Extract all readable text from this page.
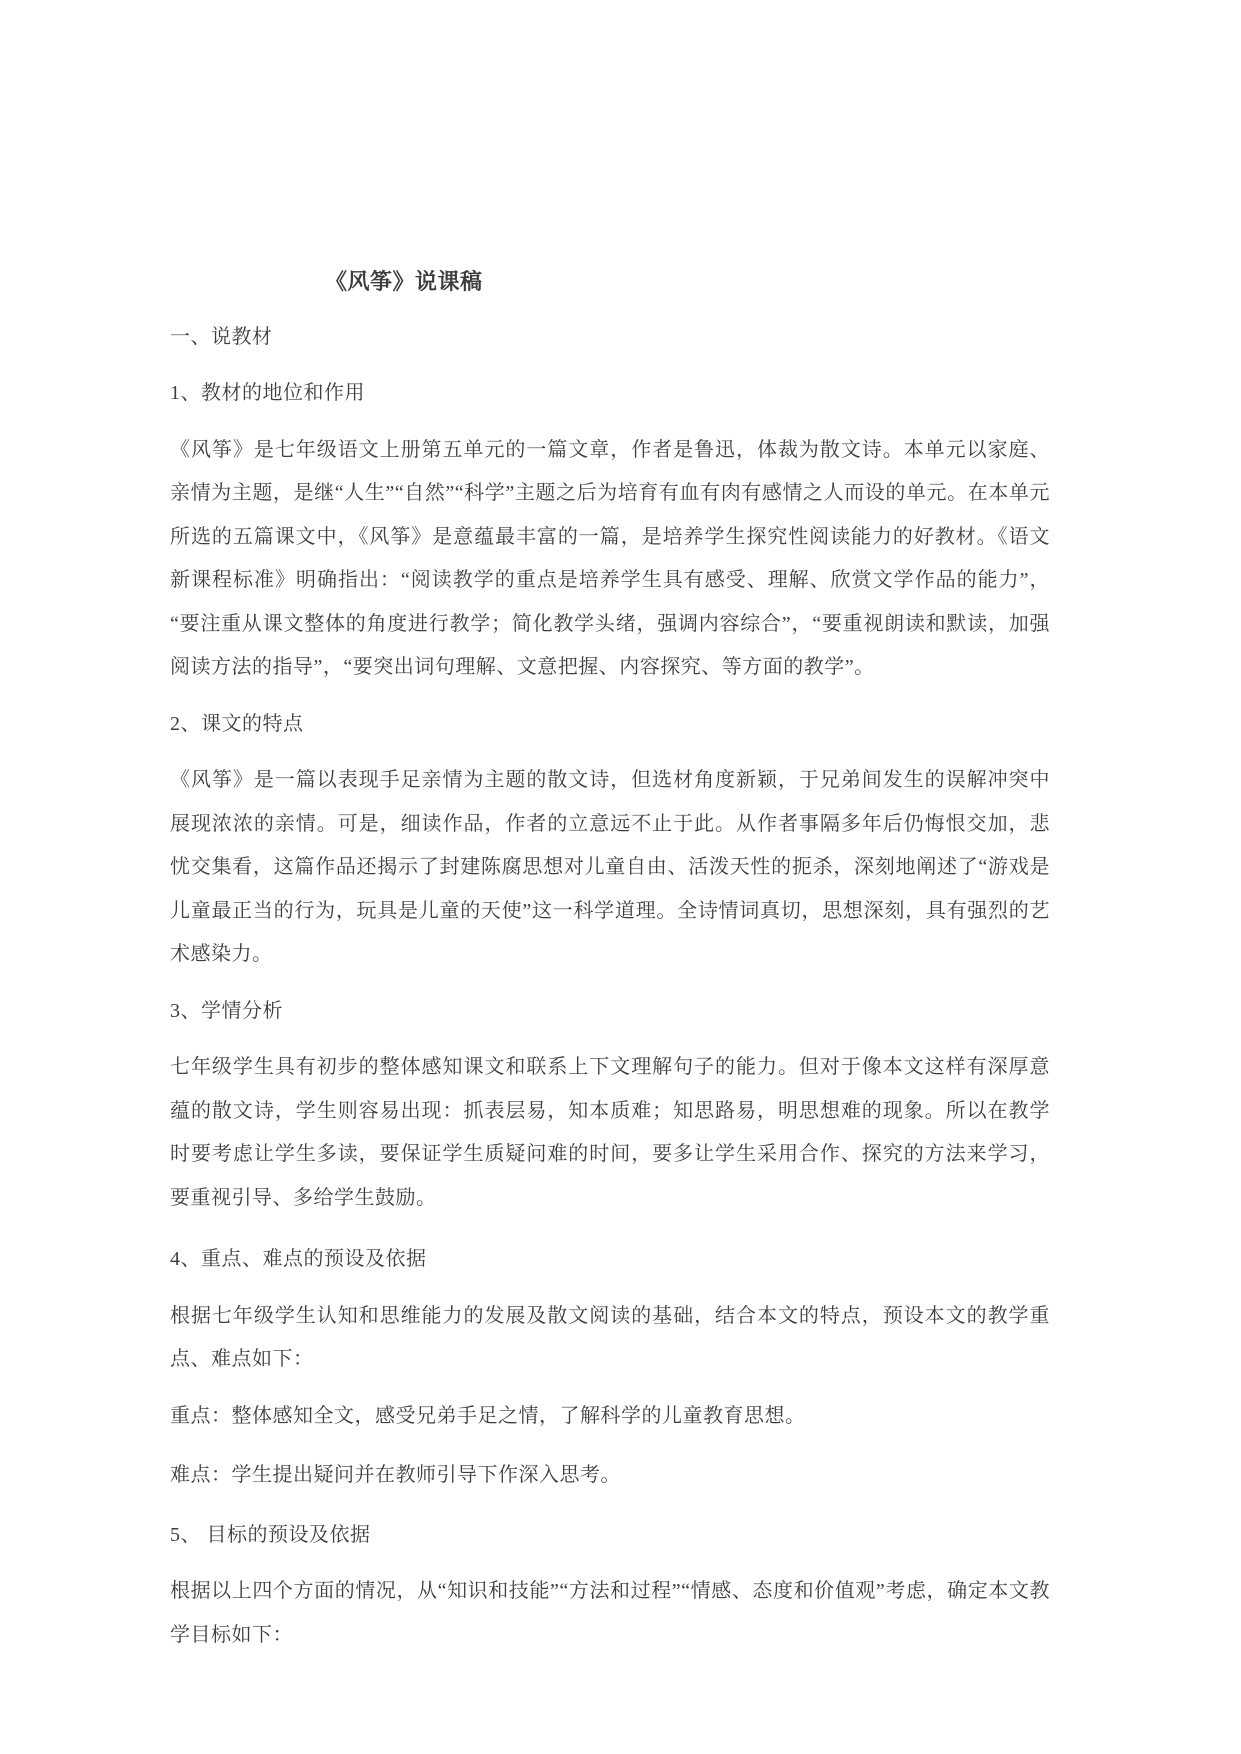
《风筝》说课稿
一、说教材
1、教材的地位和作用
《风筝》是七年级语文上册第五单元的一篇文章，作者是鲁迅，体裁为散文诗。本单元以家庭、亲情为主题，是继“人生”“自然”“科学”主题之后为培育有血有肉有感情之人而设的单元。在本单元所选的五篇课文中，《风筝》是意蕴最丰富的一篇，是培养学生探究性阅读能力的好教材。《语文新课程标准》明确指出：“阅读教学的重点是培养学生具有感受、理解、欣赏文学作品的能力”，“要注重从课文整体的角度进行教学；简化教学头绪，强调内容综合”，“要重视朗读和默读，加强阅读方法的指导”，“要突出词句理解、文意把握、内容探究、等方面的教学”。
2、课文的特点
《风筝》是一篇以表现手足亲情为主题的散文诗，但选材角度新颖，于兄弟间发生的误解冲突中展现浓浓的亲情。可是，细读作品，作者的立意远不止于此。从作者事隔多年后仍悔恨交加，悲忧交集看，这篇作品还揭示了封建陈腐思想对儿童自由、活泼天性的扼杀，深刻地阐述了“游戏是儿童最正当的行为，玩具是儿童的天使”这一科学道理。全诗情词真切，思想深刻，具有强烈的艺术感染力。
3、学情分析
七年级学生具有初步的整体感知课文和联系上下文理解句子的能力。但对于像本文这样有深厚意蕴的散文诗，学生则容易出现：抓表层易，知本质难；知思路易，明思想难的现象。所以在教学时要考虑让学生多读，要保证学生质疑问难的时间，要多让学生采用合作、探究的方法来学习，要重视引导、多给学生鼓励。
4、重点、难点的预设及依据
根据七年级学生认知和思维能力的发展及散文阅读的基础，结合本文的特点，预设本文的教学重点、难点如下：
重点：整体感知全文，感受兄弟手足之情，了解科学的儿童教育思想。
难点：学生提出疑问并在教师引导下作深入思考。
5、 目标的预设及依据
根据以上四个方面的情况，从“知识和技能”“方法和过程”“情感、态度和价值观”考虑，确定本文教学目标如下：
